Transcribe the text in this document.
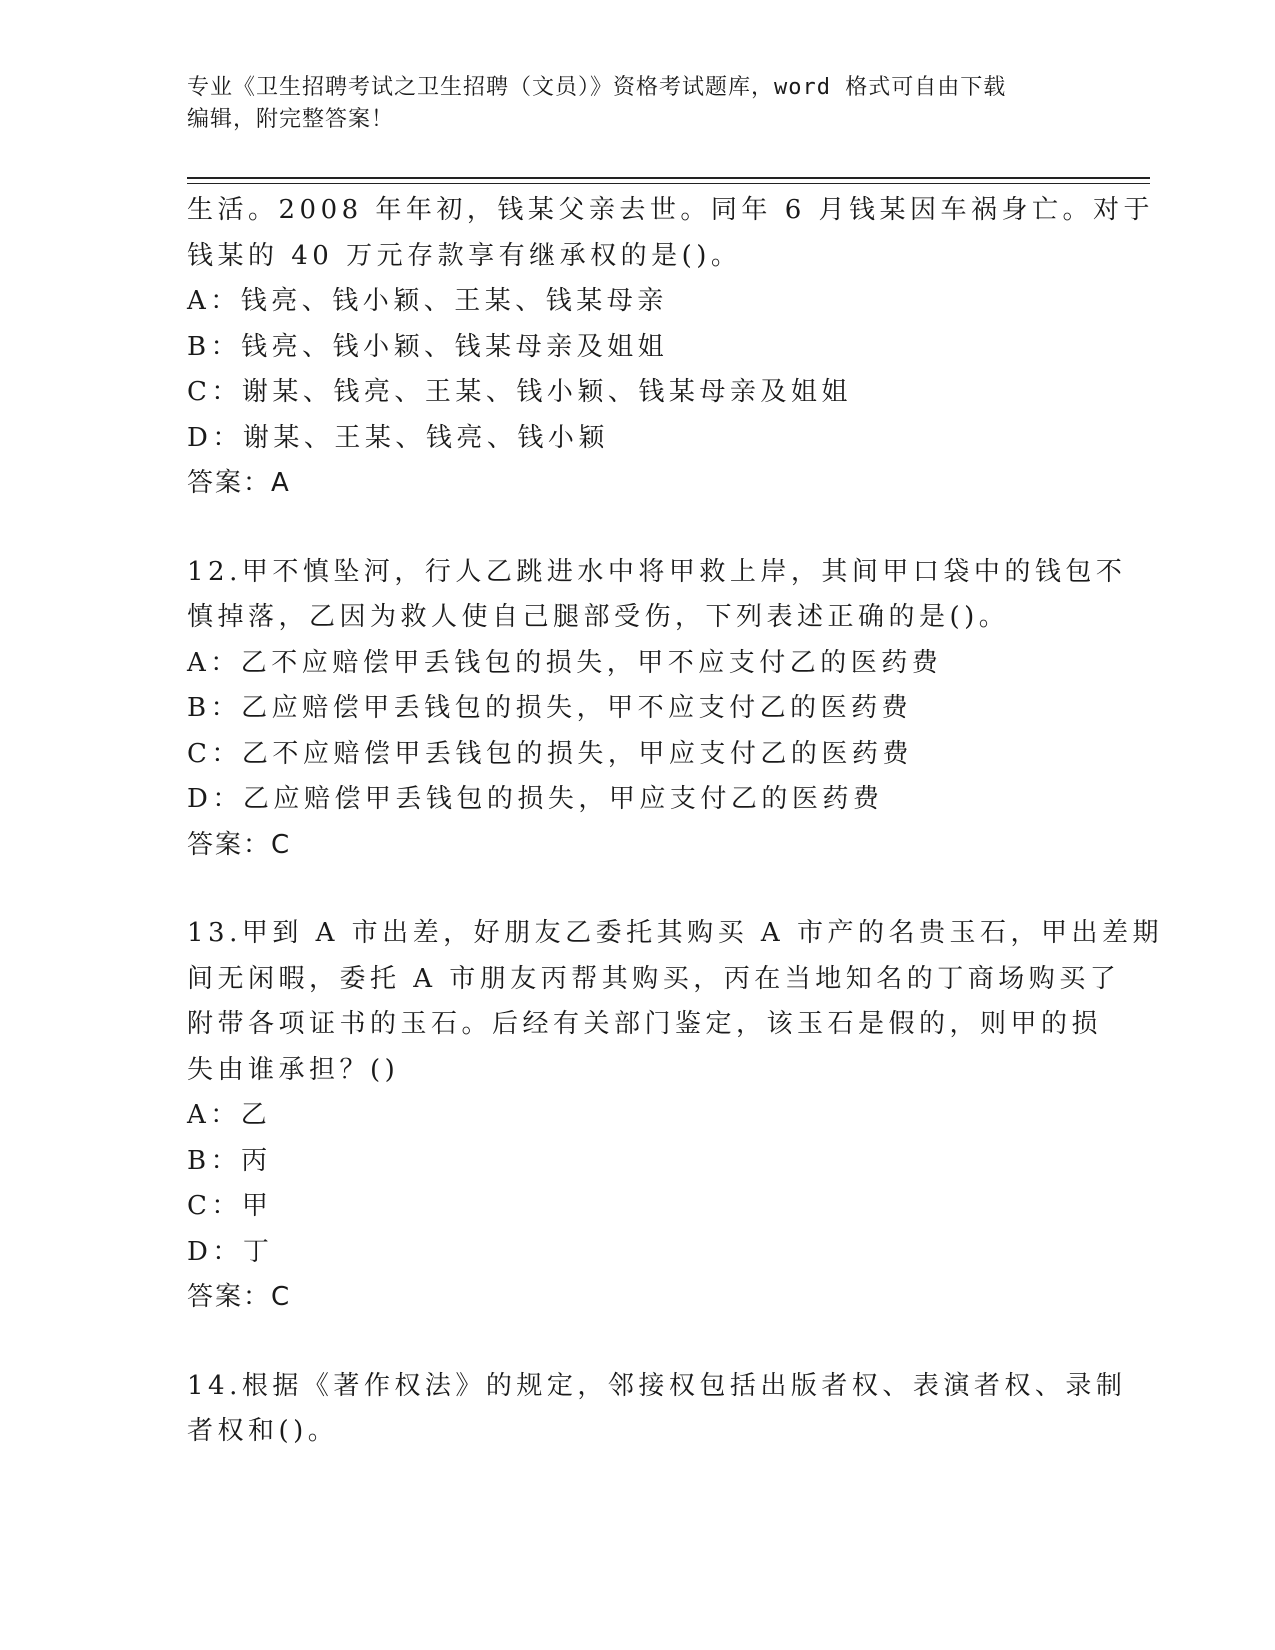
专业《卫生招聘考试之卫生招聘（文员）》资格考试题库，word 格式可自由下载
编辑，附完整答案！
生活。2008 年年初，钱某父亲去世。同年 6 月钱某因车祸身亡。对于
钱某的 40 万元存款享有继承权的是()。
A：钱亮、钱小颖、王某、钱某母亲
B：钱亮、钱小颖、钱某母亲及姐姐
C：谢某、钱亮、王某、钱小颖、钱某母亲及姐姐
D：谢某、王某、钱亮、钱小颖
答案：A
12.甲不慎坠河，行人乙跳进水中将甲救上岸，其间甲口袋中的钱包不
慎掉落，乙因为救人使自己腿部受伤，下列表述正确的是()。
A：乙不应赔偿甲丢钱包的损失，甲不应支付乙的医药费
B：乙应赔偿甲丢钱包的损失，甲不应支付乙的医药费
C：乙不应赔偿甲丢钱包的损失，甲应支付乙的医药费
D：乙应赔偿甲丢钱包的损失，甲应支付乙的医药费
答案：C
13.甲到 A 市出差，好朋友乙委托其购买 A 市产的名贵玉石，甲出差期
间无闲暇，委托 A 市朋友丙帮其购买，丙在当地知名的丁商场购买了
附带各项证书的玉石。后经有关部门鉴定，该玉石是假的，则甲的损
失由谁承担？()
A：乙
B：丙
C：甲
D：丁
答案：C
14.根据《著作权法》的规定，邻接权包括出版者权、表演者权、录制
者权和()。
